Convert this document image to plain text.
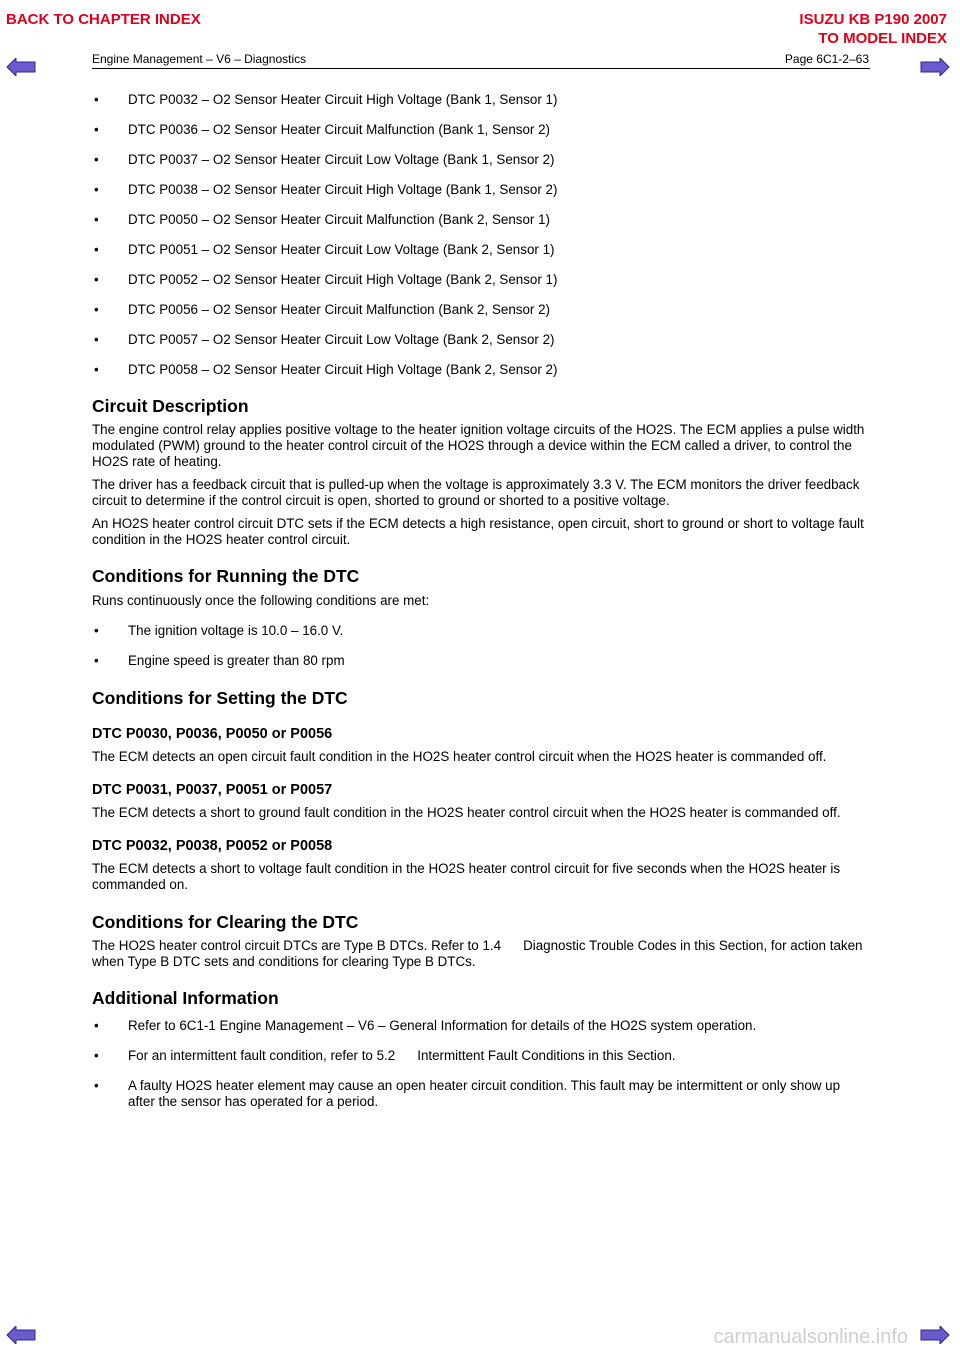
BACK TO CHAPTER INDEX	ISUZU KB P190 2007
TO MODEL INDEX
Engine Management – V6 – Diagnostics	Page 6C1-2–63
• DTC P0032 – O2 Sensor Heater Circuit High Voltage (Bank 1, Sensor 1)
• DTC P0036 – O2 Sensor Heater Circuit Malfunction (Bank 1, Sensor 2)
• DTC P0037 – O2 Sensor Heater Circuit Low Voltage (Bank 1, Sensor 2)
• DTC P0038 – O2 Sensor Heater Circuit High Voltage (Bank 1, Sensor 2)
• DTC P0050 – O2 Sensor Heater Circuit Malfunction (Bank 2, Sensor 1)
• DTC P0051 – O2 Sensor Heater Circuit Low Voltage (Bank 2, Sensor 1)
• DTC P0052 – O2 Sensor Heater Circuit High Voltage (Bank 2, Sensor 1)
• DTC P0056 – O2 Sensor Heater Circuit Malfunction (Bank 2, Sensor 2)
• DTC P0057 – O2 Sensor Heater Circuit Low Voltage (Bank 2, Sensor 2)
• DTC P0058 – O2 Sensor Heater Circuit High Voltage (Bank 2, Sensor 2)
Circuit Description
The engine control relay applies positive voltage to the heater ignition voltage circuits of the HO2S. The ECM applies a pulse width modulated (PWM) ground to the heater control circuit of the HO2S through a device within the ECM called a driver, to control the HO2S rate of heating.
The driver has a feedback circuit that is pulled-up when the voltage is approximately 3.3 V. The ECM monitors the driver feedback circuit to determine if the control circuit is open, shorted to ground or shorted to a positive voltage.
An HO2S heater control circuit DTC sets if the ECM detects a high resistance, open circuit, short to ground or short to voltage fault condition in the HO2S heater control circuit.
Conditions for Running the DTC
Runs continuously once the following conditions are met:
• The ignition voltage is 10.0 – 16.0 V.
• Engine speed is greater than 80 rpm
Conditions for Setting the DTC
DTC P0030, P0036, P0050 or P0056
The ECM detects an open circuit fault condition in the HO2S heater control circuit when the HO2S heater is commanded off.
DTC P0031, P0037, P0051 or P0057
The ECM detects a short to ground fault condition in the HO2S heater control circuit when the HO2S heater is commanded off.
DTC P0032, P0038, P0052 or P0058
The ECM detects a short to voltage fault condition in the HO2S heater control circuit for five seconds when the HO2S heater is commanded on.
Conditions for Clearing the DTC
The HO2S heater control circuit DTCs are Type B DTCs. Refer to 1.4 Diagnostic Trouble Codes in this Section, for action taken when Type B DTC sets and conditions for clearing Type B DTCs.
Additional Information
• Refer to 6C1-1 Engine Management – V6 – General Information for details of the HO2S system operation.
• For an intermittent fault condition, refer to 5.2 Intermittent Fault Conditions in this Section.
• A faulty HO2S heater element may cause an open heater circuit condition. This fault may be intermittent or only show up after the sensor has operated for a period.
carmanualsonline.info
